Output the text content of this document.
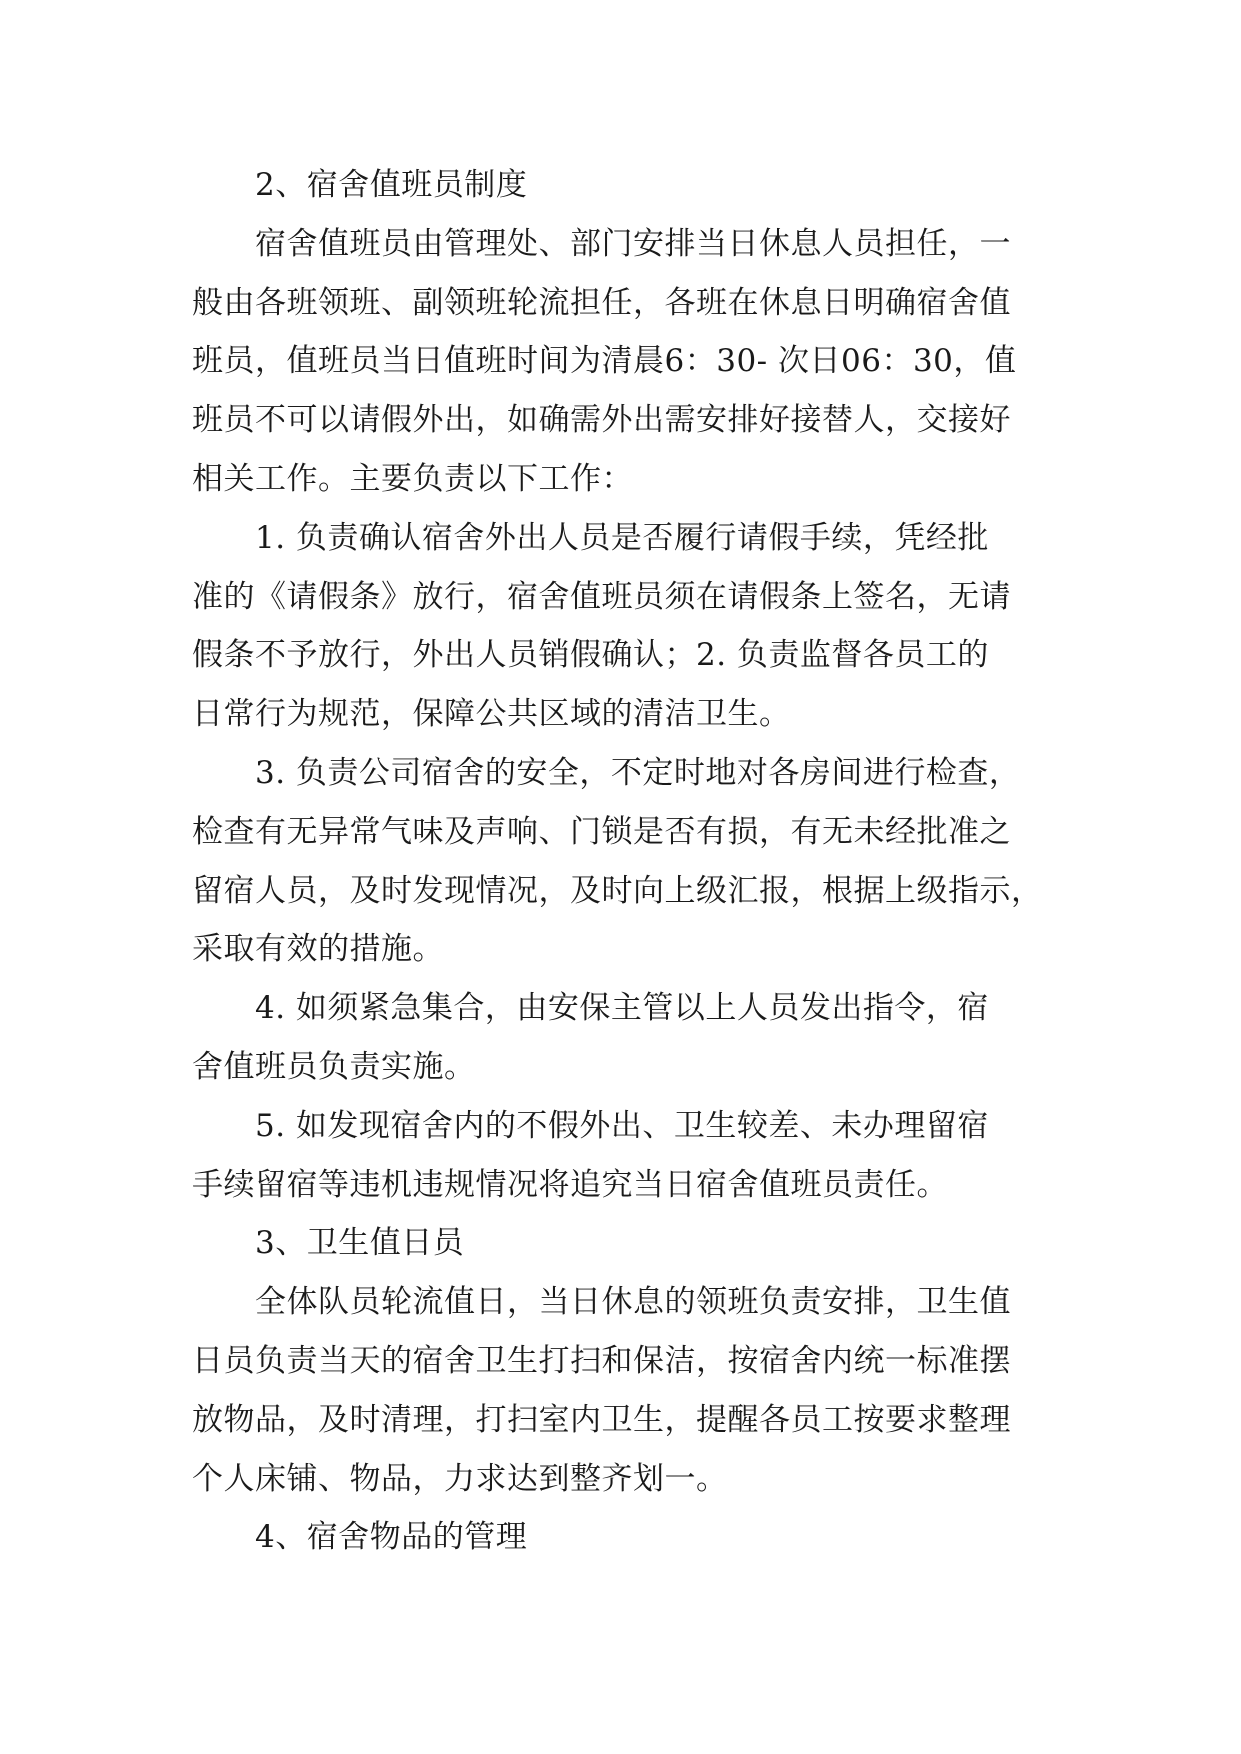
2、宿舍值班员制度
宿舍值班员由管理处、部门安排当日休息人员担任，一
般由各班领班、副领班轮流担任，各班在休息日明确宿舍值
班员，值班员当日值班时间为清晨6：30- 次日06：30，值
班员不可以请假外出，如确需外出需安排好接替人，交接好
相关工作。主要负责以下工作：
1. 负责确认宿舍外出人员是否履行请假手续，凭经批
准的《请假条》放行，宿舍值班员须在请假条上签名，无请
假条不予放行，外出人员销假确认；2. 负责监督各员工的
日常行为规范，保障公共区域的清洁卫生。
3. 负责公司宿舍的安全，不定时地对各房间进行检查，
检查有无异常气味及声响、门锁是否有损，有无未经批准之
留宿人员，及时发现情况，及时向上级汇报，根据上级指示，
采取有效的措施。
4. 如须紧急集合，由安保主管以上人员发出指令，宿
舍值班员负责实施。
5. 如发现宿舍内的不假外出、卫生较差、未办理留宿
手续留宿等违机违规情况将追究当日宿舍值班员责任。
3、卫生值日员
全体队员轮流值日，当日休息的领班负责安排，卫生值
日员负责当天的宿舍卫生打扫和保洁，按宿舍内统一标准摆
放物品，及时清理，打扫室内卫生，提醒各员工按要求整理
个人床铺、物品，力求达到整齐划一。
4、宿舍物品的管理
